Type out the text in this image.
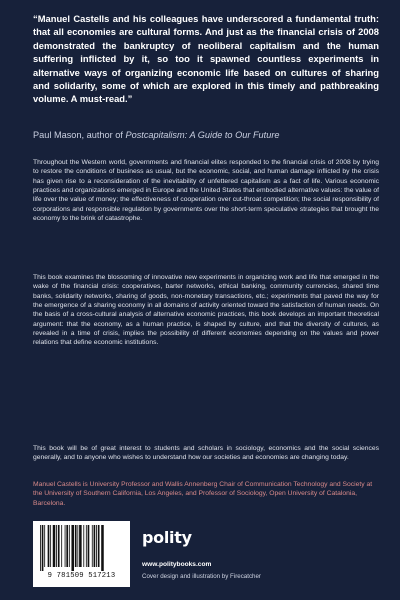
“Manuel Castells and his colleagues have underscored a fundamental truth: that all economies are cultural forms. And just as the financial crisis of 2008 demonstrated the bankruptcy of neoliberal capitalism and the human suffering inflicted by it, so too it spawned countless experiments in alternative ways of organizing economic life based on cultures of sharing and solidarity, some of which are explored in this timely and pathbreaking volume. A must-read.”
Paul Mason, author of Postcapitalism: A Guide to Our Future
Throughout the Western world, governments and financial elites responded to the financial crisis of 2008 by trying to restore the conditions of business as usual, but the economic, social, and human damage inflicted by the crisis has given rise to a reconsideration of the inevitability of unfettered capitalism as a fact of life. Various economic practices and organizations emerged in Europe and the United States that embodied alternative values: the value of life over the value of money; the effectiveness of cooperation over cut-throat competition; the social responsibility of corporations and responsible regulation by governments over the short-term speculative strategies that brought the economy to the brink of catastrophe.
This book examines the blossoming of innovative new experiments in organizing work and life that emerged in the wake of the financial crisis: cooperatives, barter networks, ethical banking, community currencies, shared time banks, solidarity networks, sharing of goods, non-monetary transactions, etc.; experiments that paved the way for the emergence of a sharing economy in all domains of activity oriented toward the satisfaction of human needs. On the basis of a cross-cultural analysis of alternative economic practices, this book develops an important theoretical argument: that the economy, as a human practice, is shaped by culture, and that the diversity of cultures, as revealed in a time of crisis, implies the possibility of different economies depending on the values and power relations that define economic institutions.
This book will be of great interest to students and scholars in sociology, economics and the social sciences generally, and to anyone who wishes to understand how our societies and economies are changing today.
Manuel Castells is University Professor and Wallis Annenberg Chair of Communication Technology and Society at the University of Southern California, Los Angeles, and Professor of Sociology, Open University of Catalonia, Barcelona.
9 781509 517213
polity
www.politybooks.com
Cover design and illustration by Firecatcher
